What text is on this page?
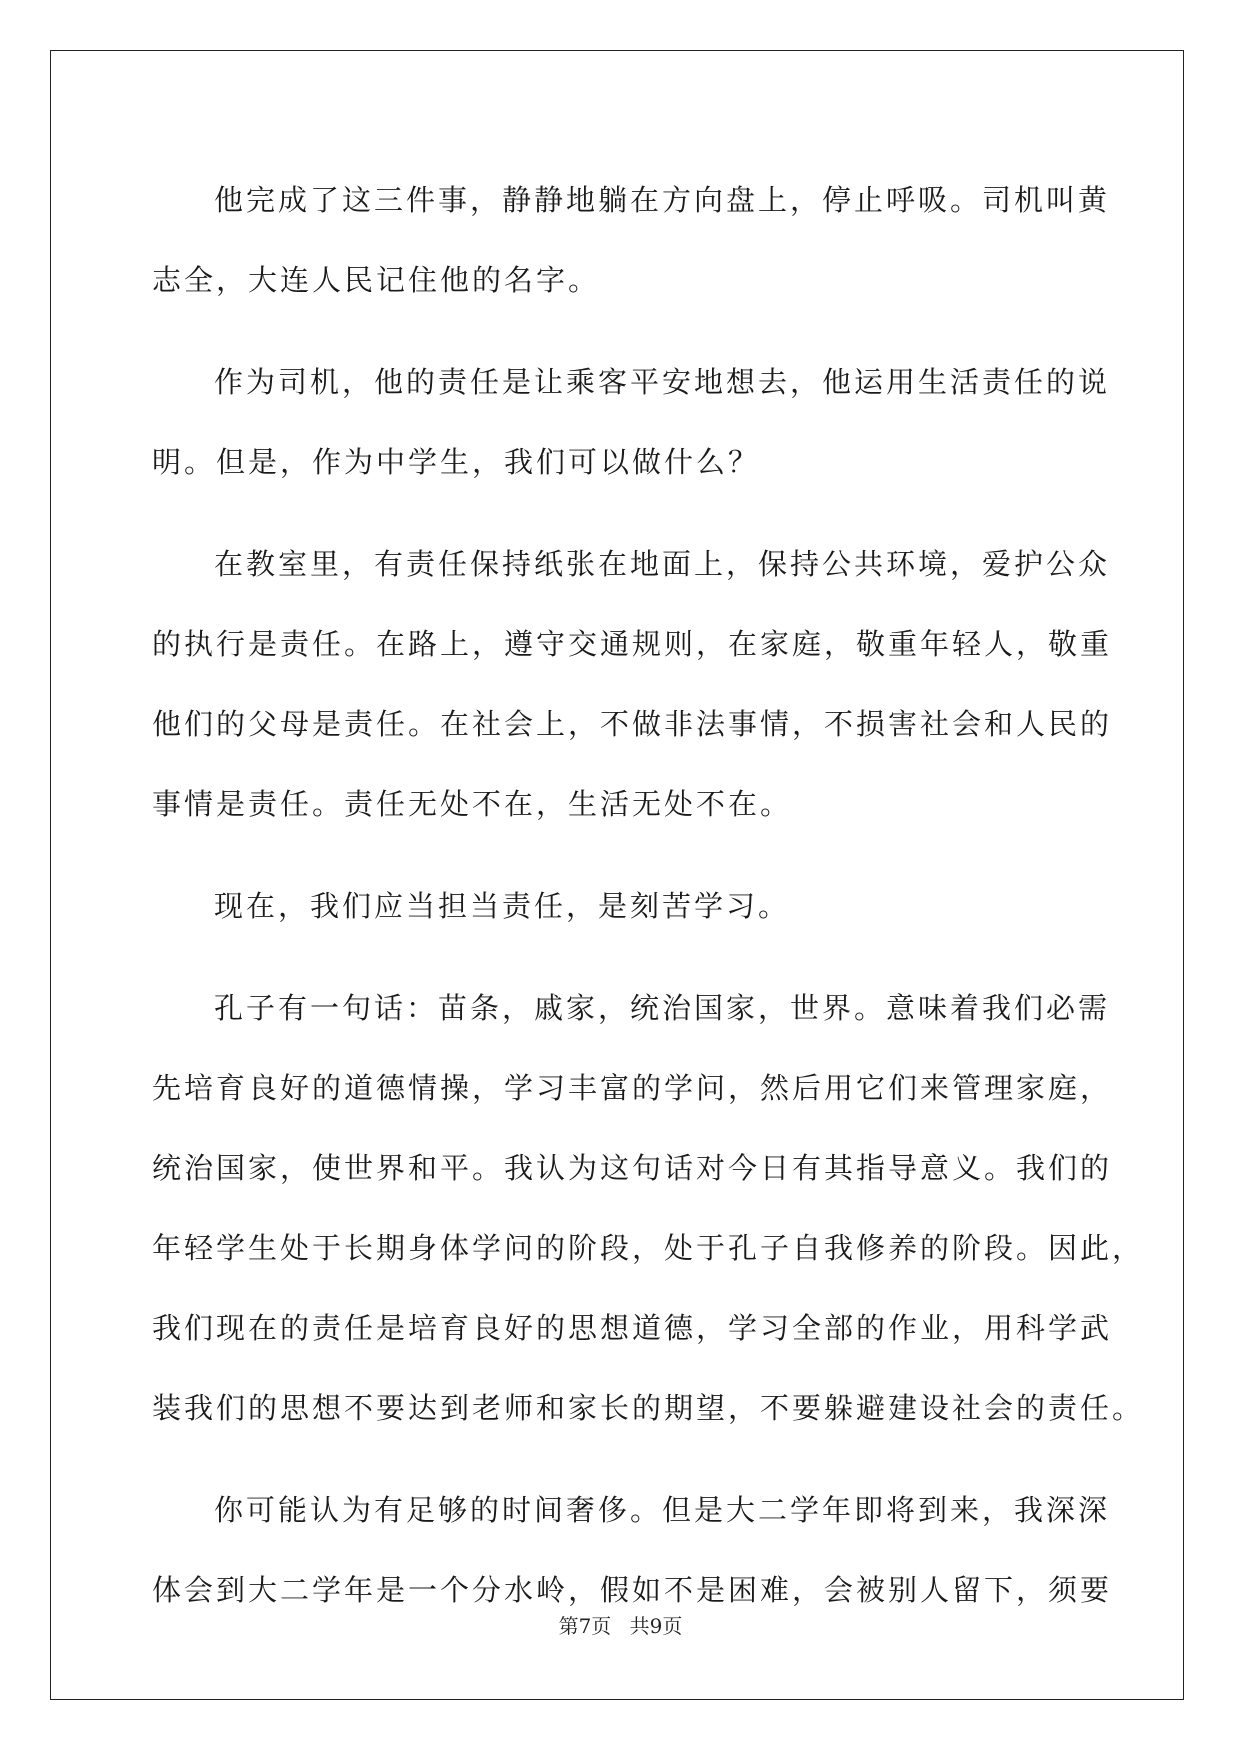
他完成了这三件事，静静地躺在方向盘上，停止呼吸。司机叫黄
志全，大连人民记住他的名字。

作为司机，他的责任是让乘客平安地想去，他运用生活责任的说
明。但是，作为中学生，我们可以做什么？

在教室里，有责任保持纸张在地面上，保持公共环境，爱护公众
的执行是责任。在路上，遵守交通规则，在家庭，敬重年轻人，敬重
他们的父母是责任。在社会上，不做非法事情，不损害社会和人民的
事情是责任。责任无处不在，生活无处不在。

现在，我们应当担当责任，是刻苦学习。

孔子有一句话：苗条，戚家，统治国家，世界。意味着我们必需
先培育良好的道德情操，学习丰富的学问，然后用它们来管理家庭，
统治国家，使世界和平。我认为这句话对今日有其指导意义。我们的
年轻学生处于长期身体学问的阶段，处于孔子自我修养的阶段。因此，
我们现在的责任是培育良好的思想道德，学习全部的作业，用科学武
装我们的思想不要达到老师和家长的期望，不要躲避建设社会的责任。

你可能认为有足够的时间奢侈。但是大二学年即将到来，我深深
体会到大二学年是一个分水岭，假如不是困难，会被别人留下，须要

第7页 共9页
